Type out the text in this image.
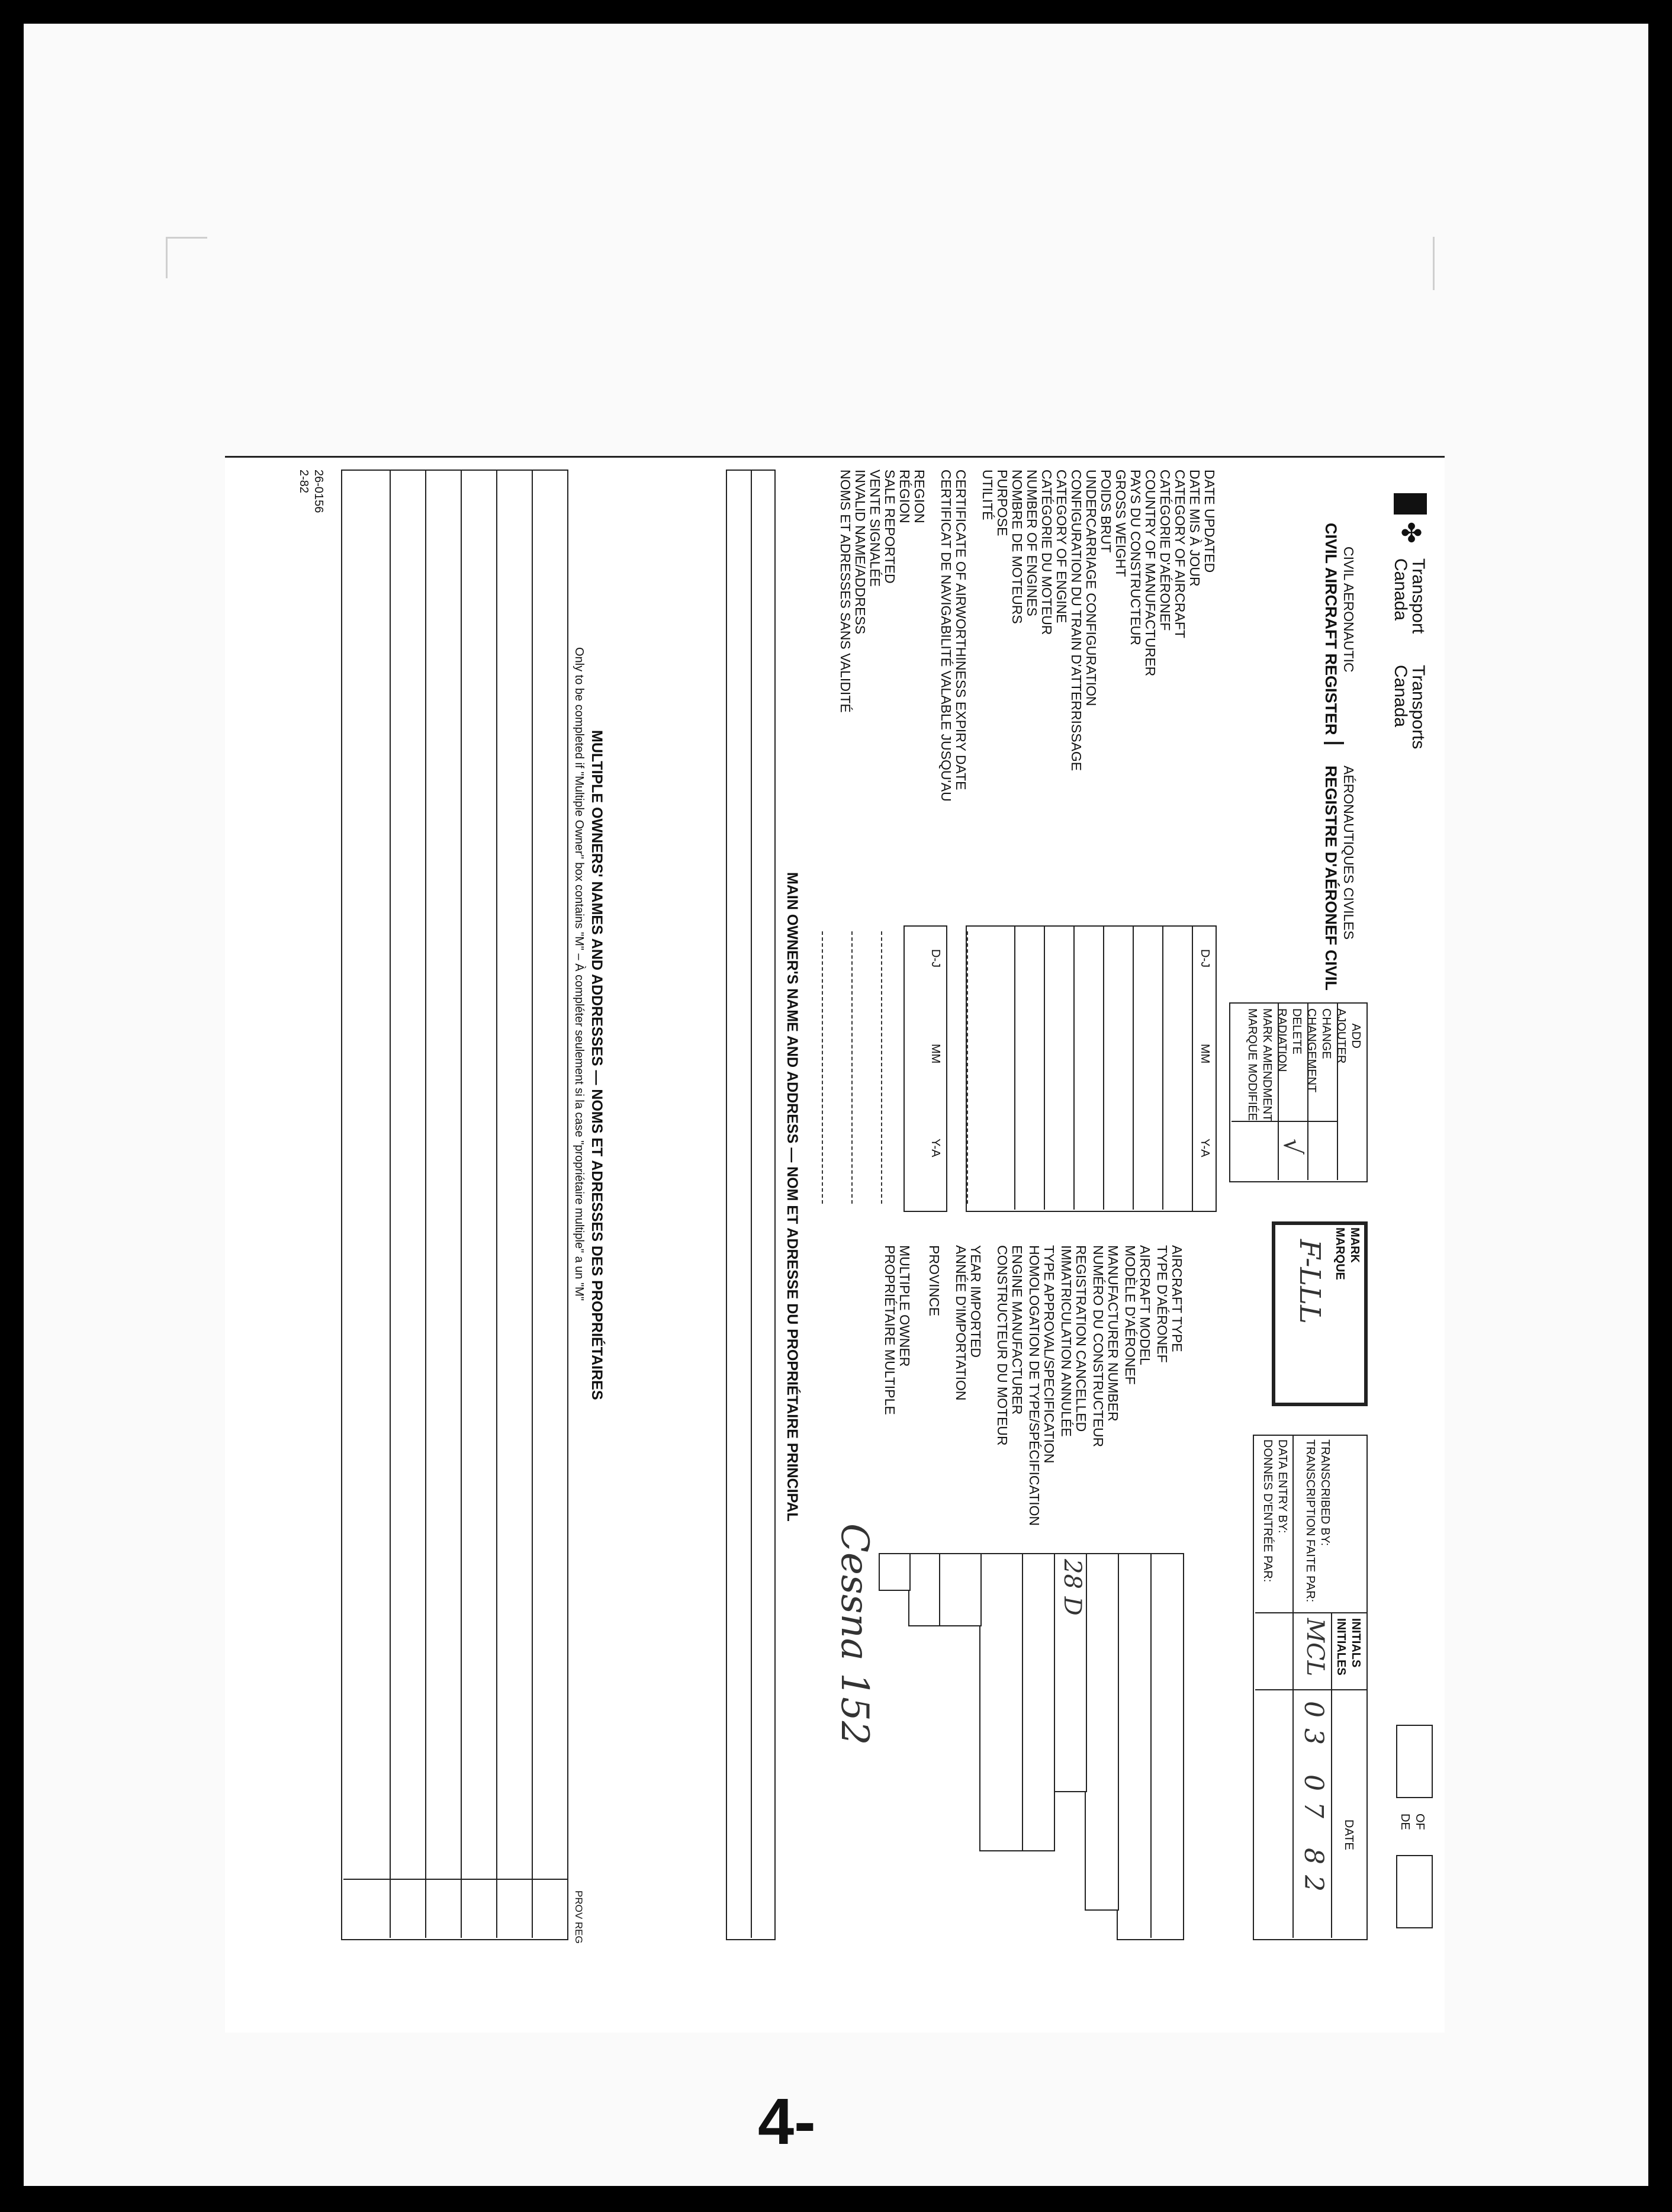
✤
Transport
Canada
Transports
Canada
CIVIL AERONAUTIC
CIVIL AIRCRAFT REGISTER
AÉRONAUTIQUES CIVILES
REGISTRE D'AÉRONEF CIVIL
ADD
AJOUTER
CHANGE
CHANGEMENT
DELETE
RADIATION
MARK AMENDMENT
MARQUE MODIFIÉE
√
MARK
MARQUE
F-LLL
TRANSCRIBED BY:
TRANSCRIPTION FAITE PAR:
DATA ENTRY BY:
DONNES D'ENTRÉE PAR:
INITIALS
INITIALES
DATE
MCL
03 07 82	OF
DE
DATE UPDATED
DATE MIS À JOUR
CATEGORY OF AIRCRAFT
CATÉGORIE D'AÉRONEF
COUNTRY OF MANUFACTURER
PAYS DU CONSTRUCTEUR
GROSS WEIGHT
POIDS BRUT
UNDERCARRIAGE CONFIGURATION
CONFIGURATION DU TRAIN D'ATTERRISSAGE
CATEGORY OF ENGINE
CATÉGORIE DU MOTEUR
NUMBER OF ENGINES
NOMBRE DE MOTEURS
PURPOSE
UTILITÉ
CERTIFICATE OF AIRWORTHINESS EXPIRY DATE
CERTIFICAT DE NAVIGABILITÉ VALABLE JUSQU'AU
REGION
RÉGION
SALE REPORTED
VENTE SIGNALÉE
INVALID NAME/ADDRESS
NOMS ET ADRESSES SANS VALIDITÉ
D-J
MM
Y-A
D-J
MM
Y-A
AIRCRAFT TYPE
TYPE D'AÉRONEF
AIRCRAFT MODEL
MODÈLE D'AÉRONEF
MANUFACTURER NUMBER
NUMÉRO DU CONSTRUCTEUR
REGISTRATION CANCELLED
IMMATRICULATION ANNULÉE
TYPE APPROVAL/SPECIFICATION
HOMOLOGATION DE TYPE/SPÉCIFICATION
ENGINE MANUFACTURER
CONSTRUCTEUR DU MOTEUR
YEAR IMPORTED
ANNÉE D'IMPORTATION
PROVINCE
MULTIPLE OWNER
PROPRIÉTAIRE MULTIPLE
28 D
Cessna 152
MAIN OWNER'S NAME AND ADDRESS — NOM ET ADRESSE DU PROPRIÉTAIRE PRINCIPAL
MULTIPLE OWNERS' NAMES AND ADDRESSES — NOMS ET ADRESSES DES PROPRIÉTAIRES
Only to be completed if "Multiple Owner" box contains "M" – À compléter seulement si la case "propriétaire multiple" a un "M"
PROV REG
26-0156
2-82
4-
